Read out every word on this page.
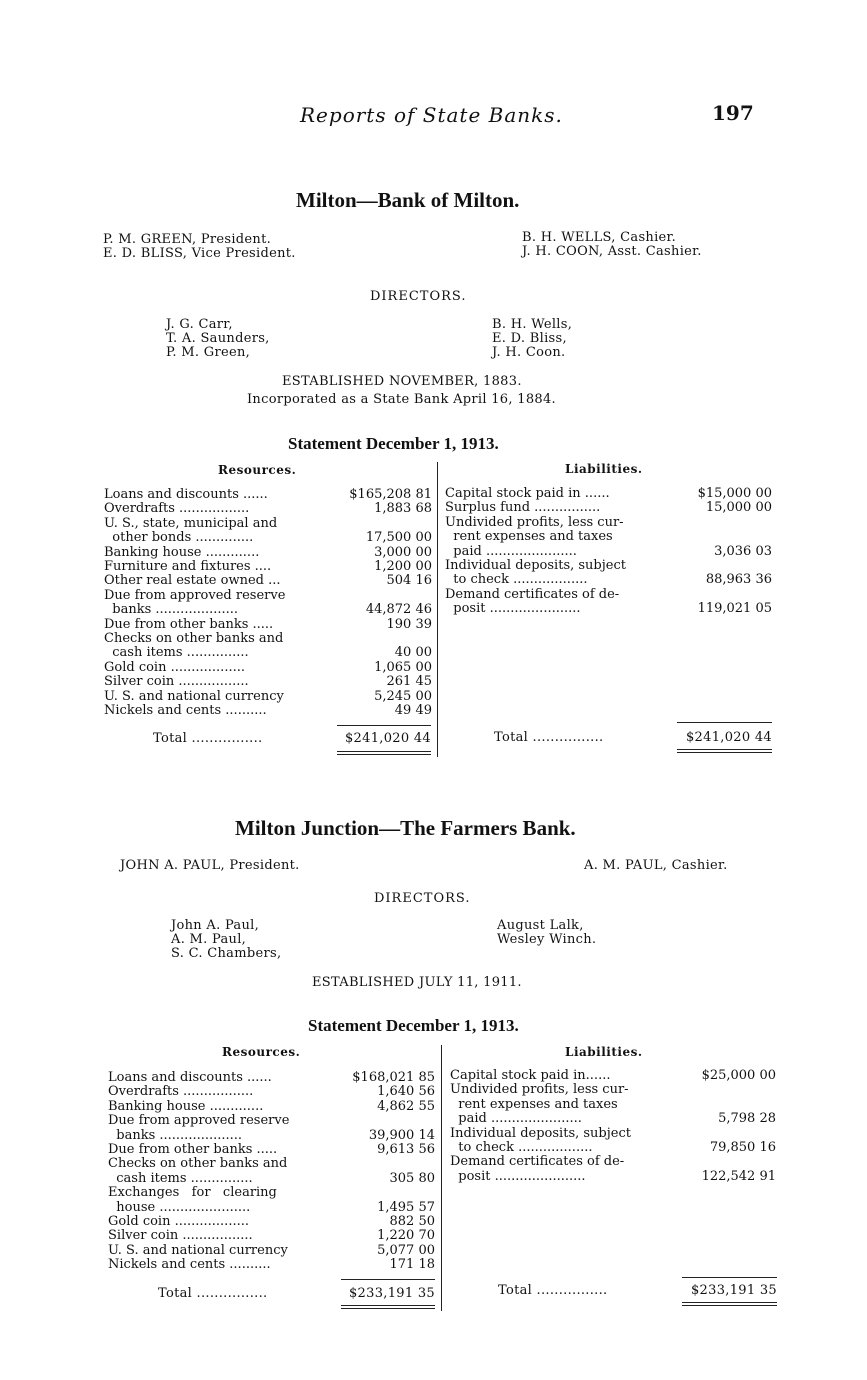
Reports of State Banks.	197
Milton—Bank of Milton.
P. M. GREEN, President.
E. D. BLISS, Vice President.
B. H. WELLS, Cashier.
J. H. COON, Asst. Cashier.
DIRECTORS.
J. G. Carr,
T. A. Saunders,
P. M. Green,
B. H. Wells,
E. D. Bliss,
J. H. Coon.
ESTABLISHED NOVEMBER, 1883.
Incorporated as a State Bank April 16, 1884.
Statement December 1, 1913.
Resources.	Liabilities.
Loans and discounts ......	$165,208 81
Overdrafts .................	1,883 68
U. S., state, municipal and
other bonds ..............	17,500 00
Banking house .............	3,000 00
Furniture and fixtures ....	1,200 00
Other real estate owned ...	504 16
Due from approved reserve
banks ....................	44,872 46
Due from other banks .....	190 39
Checks on other banks and
cash items ...............	40 00
Gold coin ..................	1,065 00
Silver coin .................	261 45
U. S. and national currency	5,245 00
Nickels and cents ..........	49 49
Capital stock paid in ......	$15,000 00
Surplus fund ................	15,000 00
Undivided profits, less cur-
rent expenses and taxes
paid ......................	3,036 03
Individual deposits, subject
to check ..................	88,963 36
Demand certificates of de-
posit ......................	119,021 05
Total ................	$241,020 44	Total ................	$241,020 44
Milton Junction—The Farmers Bank.
JOHN A. PAUL, President.	A. M. PAUL, Cashier.
DIRECTORS.
John A. Paul,
A. M. Paul,
S. C. Chambers,
August Lalk,
Wesley Winch.
ESTABLISHED JULY 11, 1911.
Statement December 1, 1913.
Resources.	Liabilities.
Loans and discounts ......	$168,021 85
Overdrafts .................	1,640 56
Banking house .............	4,862 55
Due from approved reserve
banks ....................	39,900 14
Due from other banks .....	9,613 56
Checks on other banks and
cash items ...............	305 80
Exchanges   for   clearing
house ......................	1,495 57
Gold coin ..................	882 50
Silver coin .................	1,220 70
U. S. and national currency	5,077 00
Nickels and cents ..........	171 18
Capital stock paid in......	$25,000 00
Undivided profits, less cur-
rent expenses and taxes
paid ......................	5,798 28
Individual deposits, subject
to check ..................	79,850 16
Demand certificates of de-
posit ......................	122,542 91
Total ................	$233,191 35	Total ................	$233,191 35
